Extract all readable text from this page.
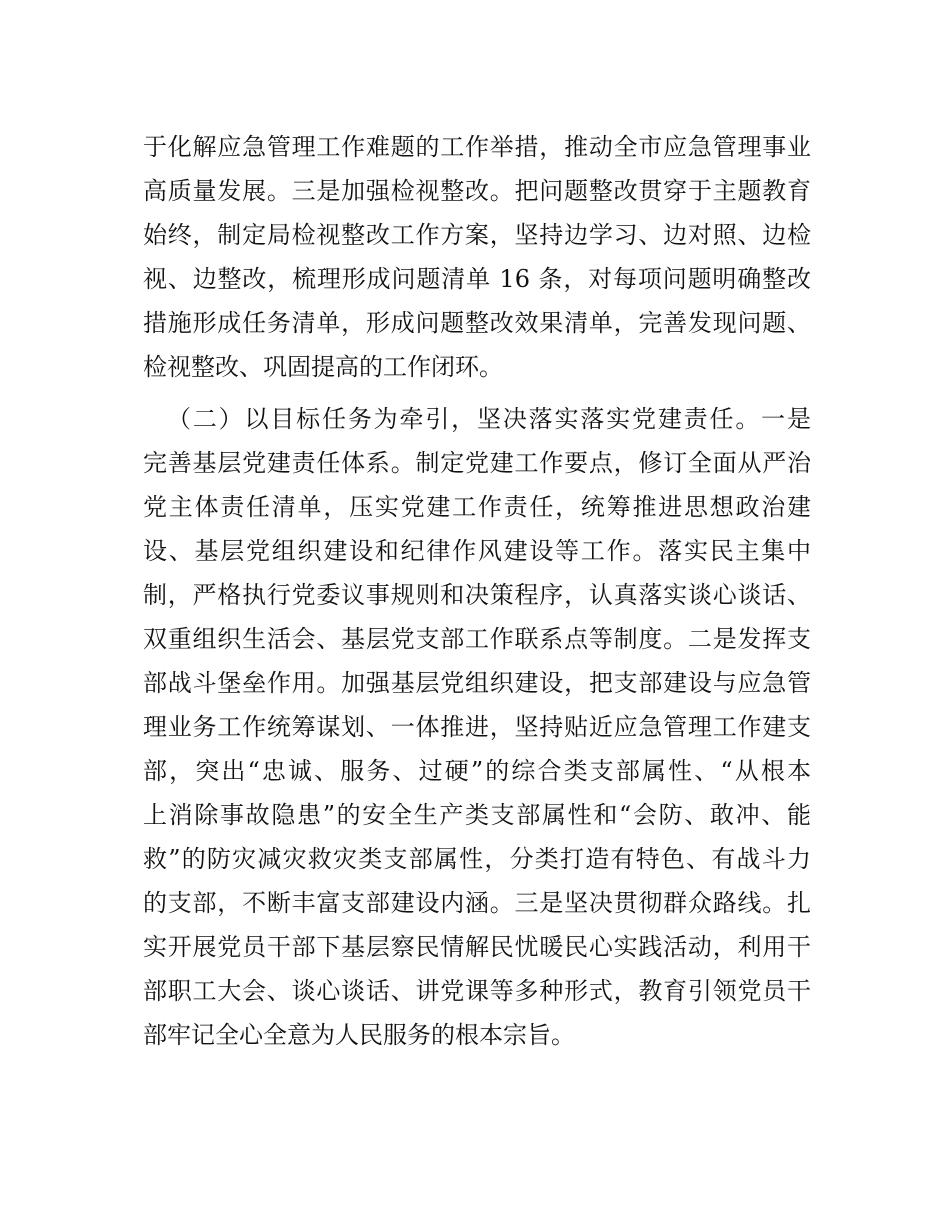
于化解应急管理工作难题的工作举措，推动全市应急管理事业
高质量发展。三是加强检视整改。把问题整改贯穿于主题教育
始终，制定局检视整改工作方案，坚持边学习、边对照、边检
视、边整改，梳理形成问题清单 16 条，对每项问题明确整改
措施形成任务清单，形成问题整改效果清单，完善发现问题、
检视整改、巩固提高的工作闭环。
（二）以目标任务为牵引，坚决落实落实党建责任。一是
完善基层党建责任体系。制定党建工作要点，修订全面从严治
党主体责任清单，压实党建工作责任，统筹推进思想政治建
设、基层党组织建设和纪律作风建设等工作。落实民主集中
制，严格执行党委议事规则和决策程序，认真落实谈心谈话、
双重组织生活会、基层党支部工作联系点等制度。二是发挥支
部战斗堡垒作用。加强基层党组织建设，把支部建设与应急管
理业务工作统筹谋划、一体推进，坚持贴近应急管理工作建支
部，突出“忠诚、服务、过硬”的综合类支部属性、“从根本
上消除事故隐患”的安全生产类支部属性和“会防、敢冲、能
救”的防灾减灾救灾类支部属性，分类打造有特色、有战斗力
的支部，不断丰富支部建设内涵。三是坚决贯彻群众路线。扎
实开展党员干部下基层察民情解民忧暖民心实践活动，利用干
部职工大会、谈心谈话、讲党课等多种形式，教育引领党员干
部牢记全心全意为人民服务的根本宗旨。
